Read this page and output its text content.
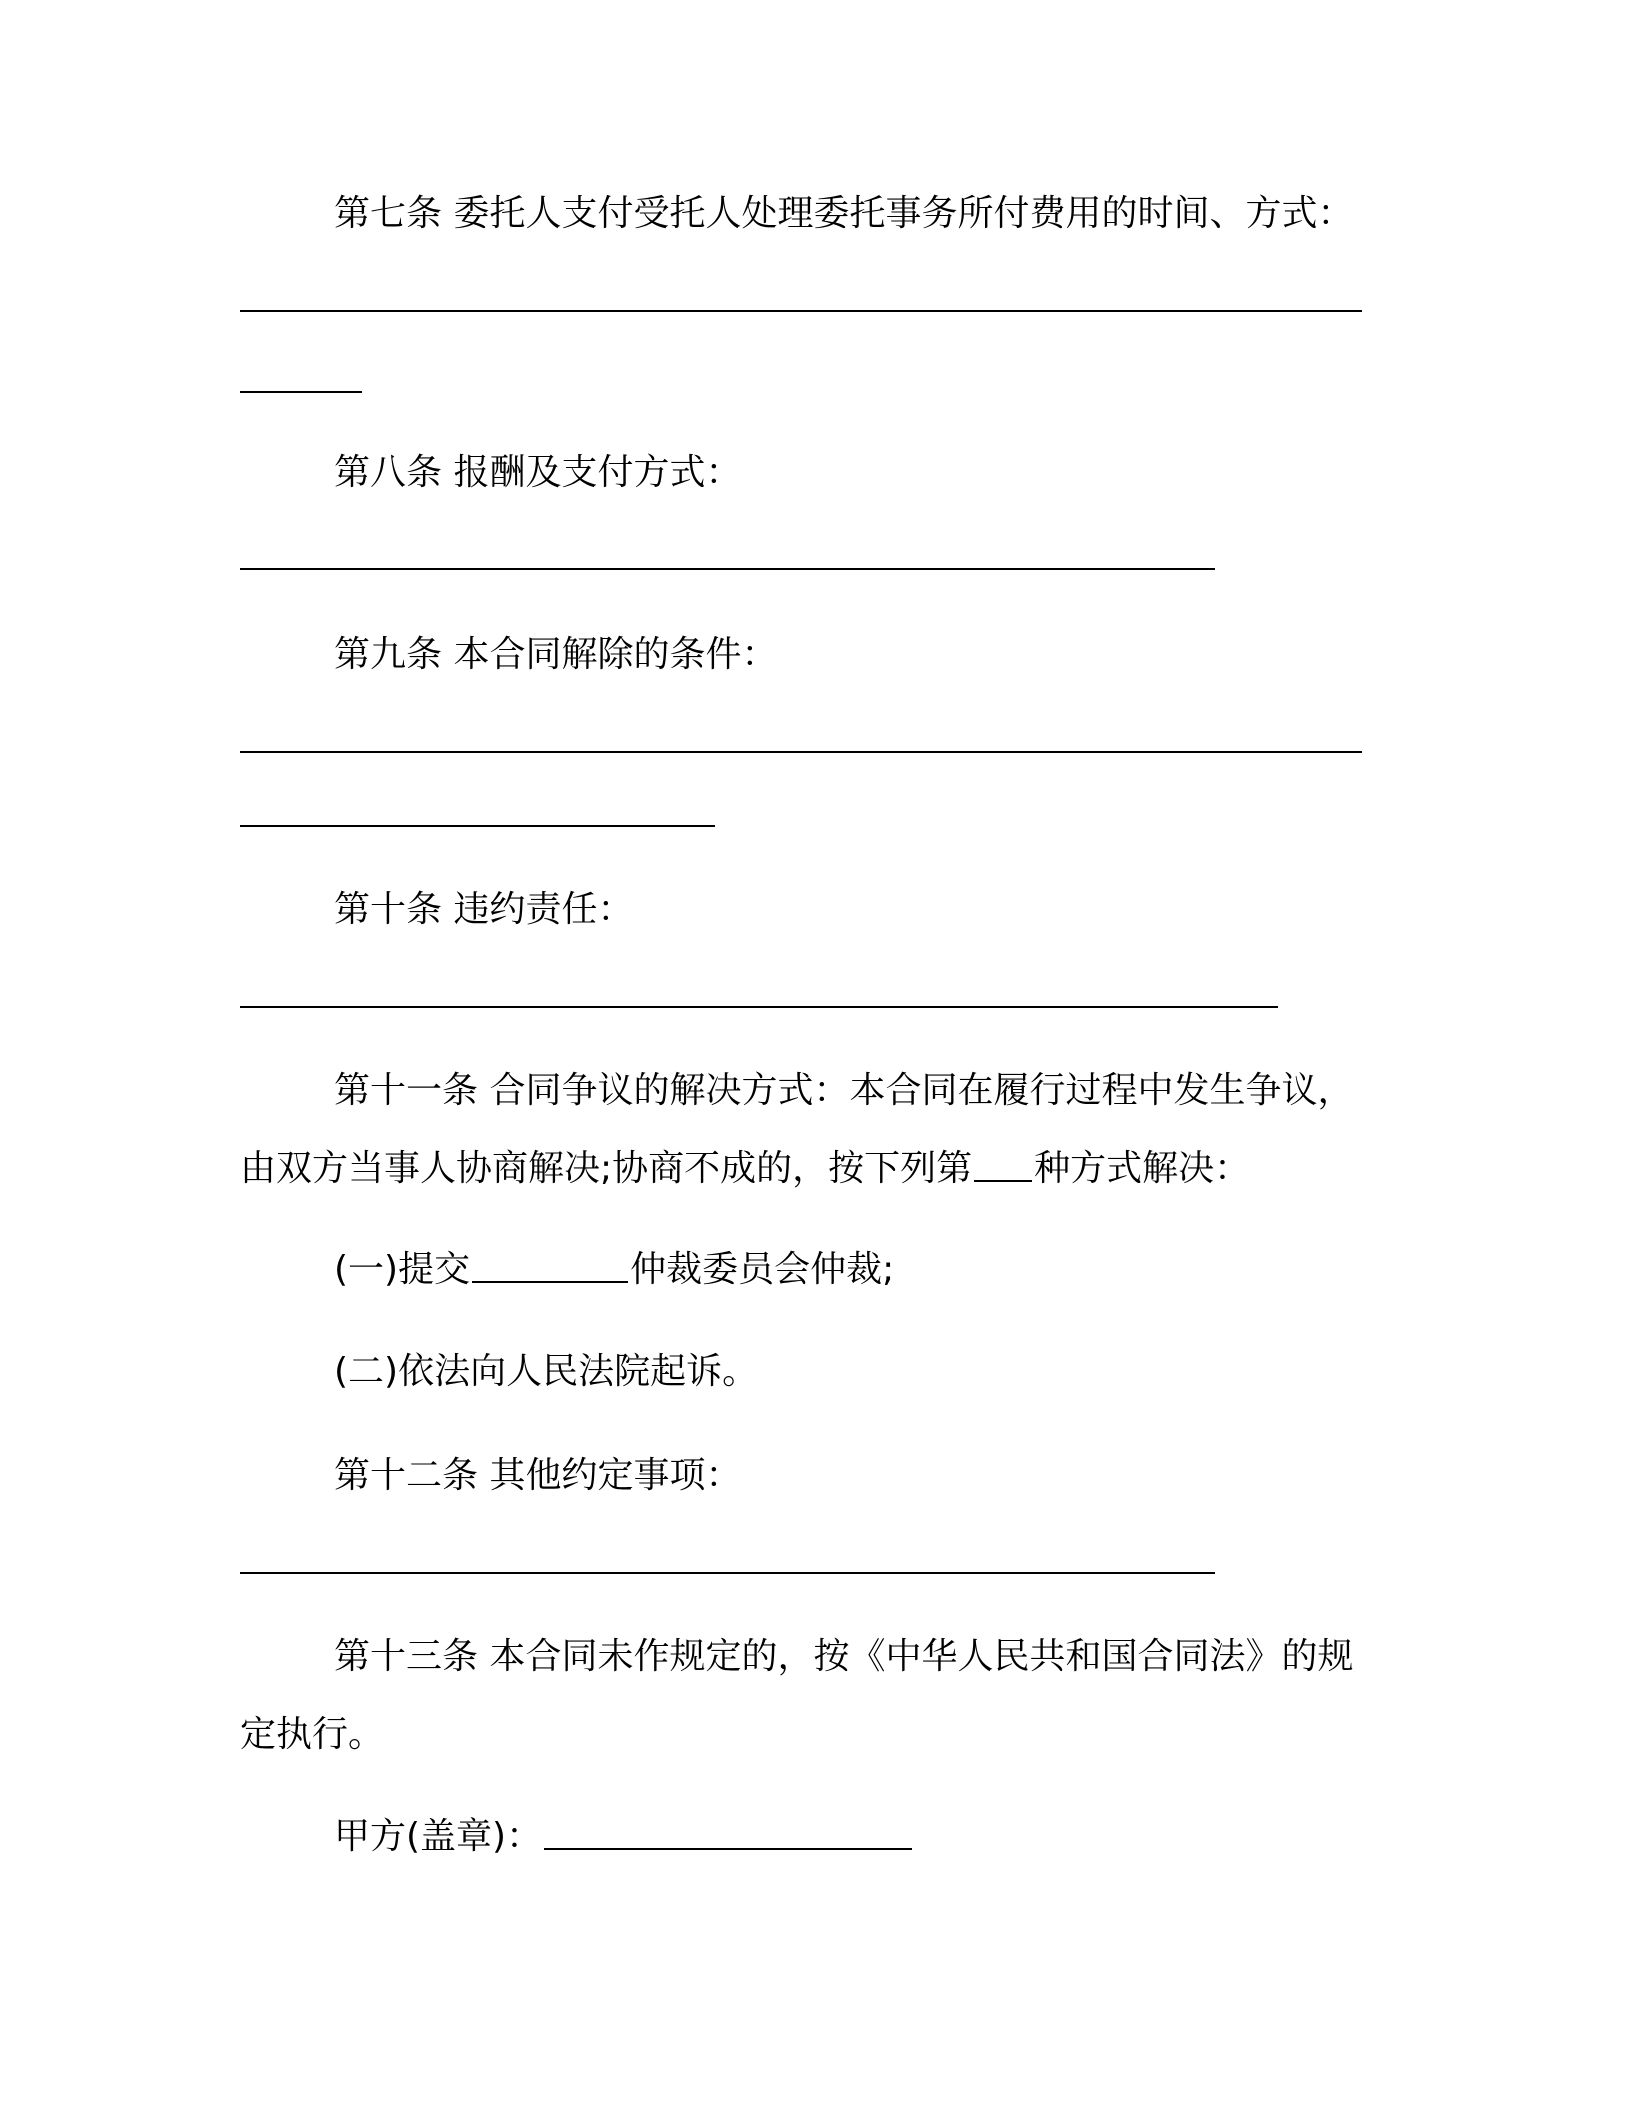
第七条 委托人支付受托人处理委托事务所付费用的时间、方式：
第八条 报酬及支付方式：
第九条 本合同解除的条件：
第十条 违约责任：
第十一条 合同争议的解决方式：本合同在履行过程中发生争议，
由双方当事人协商解决;协商不成的，按下列第 种方式解决：
(一)提交	仲裁委员会仲裁;
(二)依法向人民法院起诉。
第十二条 其他约定事项：
第十三条 本合同未作规定的，按《中华人民共和国合同法》的规
定执行。
甲方(盖章)：
